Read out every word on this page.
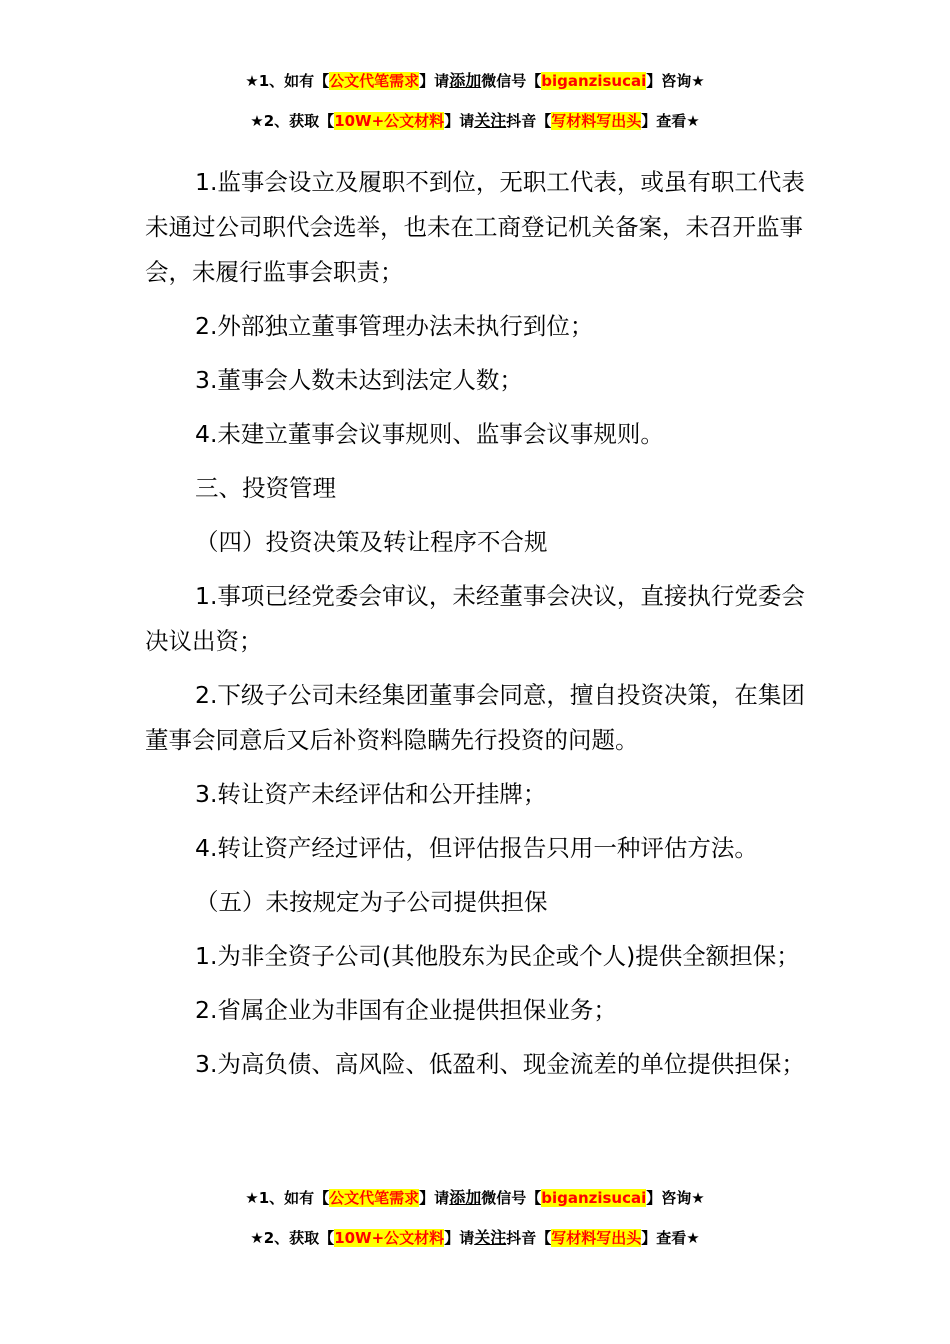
★1、如有【公文代笔需求】请添加微信号【biganzisucai】咨询★
★2、获取【10W+公文材料】请关注抖音【写材料写出头】查看★

1.监事会设立及履职不到位，无职工代表，或虽有职工代表未通过公司职代会选举，也未在工商登记机关备案，未召开监事会，未履行监事会职责；

2.外部独立董事管理办法未执行到位；

3.董事会人数未达到法定人数；

4.未建立董事会议事规则、监事会议事规则。

三、投资管理

（四）投资决策及转让程序不合规

1.事项已经党委会审议，未经董事会决议，直接执行党委会决议出资；

2.下级子公司未经集团董事会同意，擅自投资决策，在集团董事会同意后又后补资料隐瞒先行投资的问题。

3.转让资产未经评估和公开挂牌；

4.转让资产经过评估，但评估报告只用一种评估方法。

（五）未按规定为子公司提供担保

1.为非全资子公司(其他股东为民企或个人)提供全额担保；

2.省属企业为非国有企业提供担保业务；

3.为高负债、高风险、低盈利、现金流差的单位提供担保；

★1、如有【公文代笔需求】请添加微信号【biganzisucai】咨询★
★2、获取【10W+公文材料】请关注抖音【写材料写出头】查看★
